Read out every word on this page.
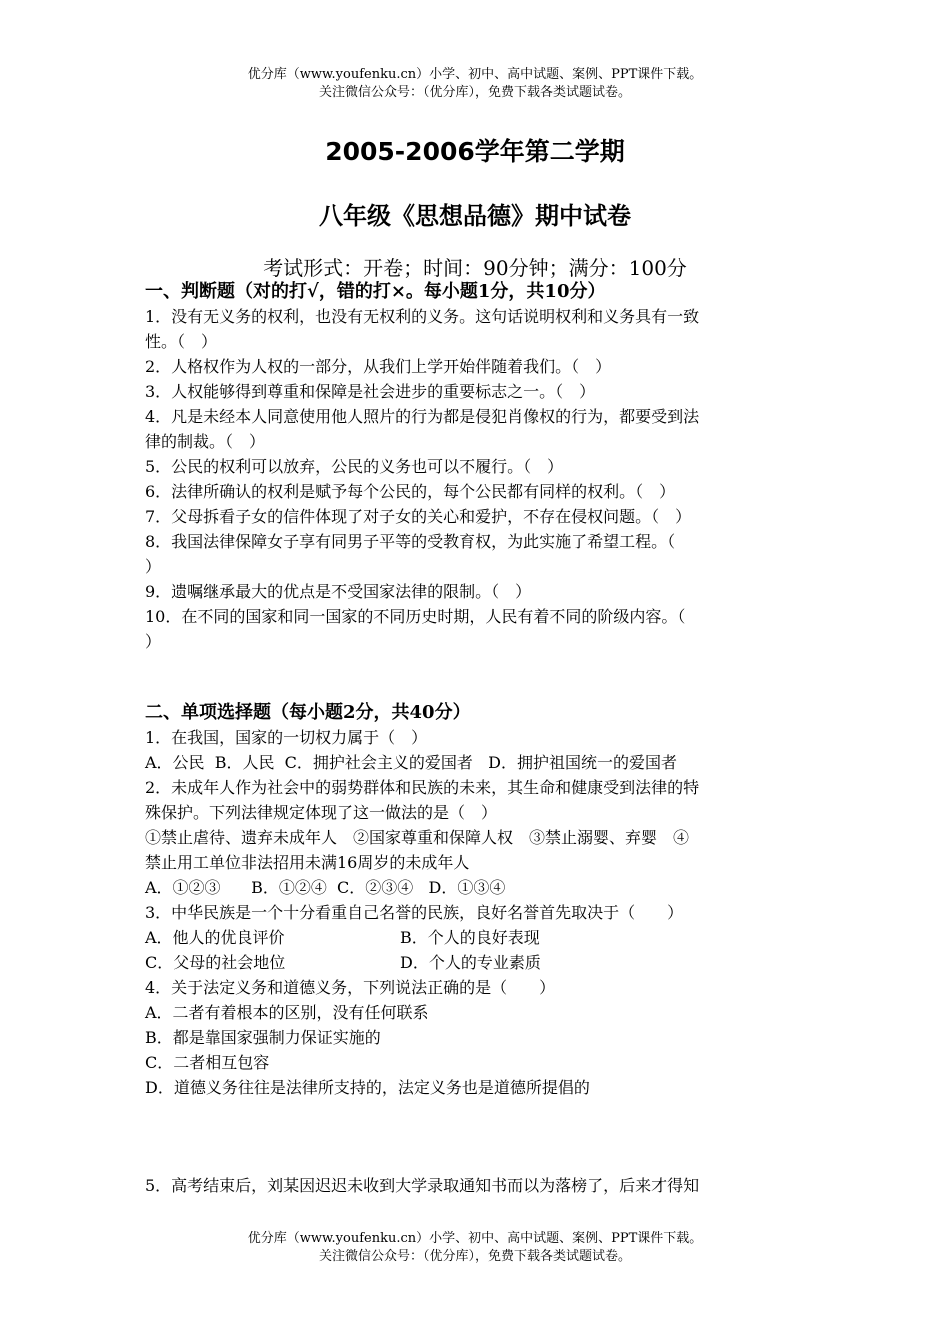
优分库（www.youfenku.cn）小学、初中、高中试题、案例、PPT课件下载。
关注微信公众号：（优分库），免费下载各类试题试卷。
2005-2006学年第二学期
八年级《思想品德》期中试卷
考试形式：开卷；时间：90分钟；满分：100分
一、判断题（对的打√，错的打×。每小题1分，共10分）
1．没有无义务的权利，也没有无权利的义务。这句话说明权利和义务具有一致
性。（　）
2．人格权作为人权的一部分，从我们上学开始伴随着我们。（　）
3．人权能够得到尊重和保障是社会进步的重要标志之一。（　）
4．凡是未经本人同意使用他人照片的行为都是侵犯肖像权的行为，都要受到法
律的制裁。（　）
5．公民的权利可以放弃，公民的义务也可以不履行。（　）
6．法律所确认的权利是赋予每个公民的，每个公民都有同样的权利。（　）
7．父母拆看子女的信件体现了对子女的关心和爱护，不存在侵权问题。（　）
8．我国法律保障女子享有同男子平等的受教育权，为此实施了希望工程。（
）
9．遗嘱继承最大的优点是不受国家法律的限制。（　）
10．在不同的国家和同一国家的不同历史时期，人民有着不同的阶级内容。（
）
二、单项选择题（每小题2分，共40分）
1．在我国，国家的一切权力属于（　）
A．公民  B．人民  C．拥护社会主义的爱国者   D．拥护祖国统一的爱国者
2．未成年人作为社会中的弱势群体和民族的未来，其生命和健康受到法律的特
殊保护。下列法律规定体现了这一做法的是（　）
①禁止虐待、遗弃未成年人　②国家尊重和保障人权　③禁止溺婴、弃婴　④
禁止用工单位非法招用未满16周岁的未成年人
A．①②③      B．①②④  C．②③④   D．①③④
3．中华民族是一个十分看重自己名誉的民族，良好名誉首先取决于（　　）
A．他人的优良评价	B．个人的良好表现
C．父母的社会地位	D．个人的专业素质
4．关于法定义务和道德义务，下列说法正确的是（　　）
A．二者有着根本的区别，没有任何联系
B．都是靠国家强制力保证实施的
C．二者相互包容
D．道德义务往往是法律所支持的，法定义务也是道德所提倡的
5．高考结束后，刘某因迟迟未收到大学录取通知书而以为落榜了，后来才得知
优分库（www.youfenku.cn）小学、初中、高中试题、案例、PPT课件下载。
关注微信公众号：（优分库），免费下载各类试题试卷。
